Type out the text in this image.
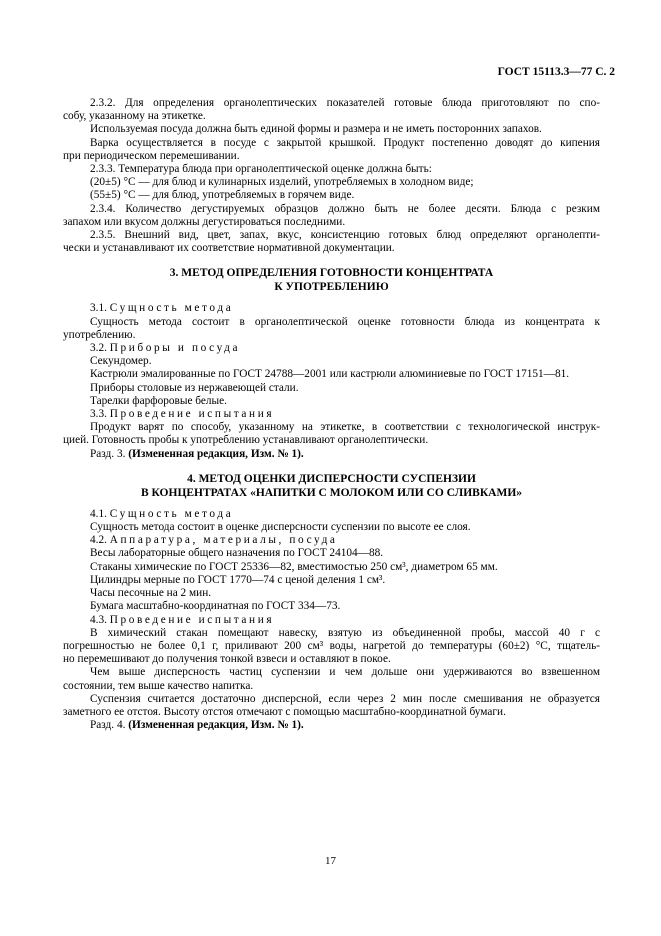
ГОСТ 15113.3—77 С. 2

2.3.2. Для определения органолептических показателей готовые блюда приготовляют по спо-

собу, указанному на этикетке.

Используемая посуда должна быть единой формы и размера и не иметь посторонних запахов.

Варка осуществляется в посуде с закрытой крышкой. Продукт постепенно доводят до кипения

при периодическом перемешивании.

2.3.3. Температура блюда при органолептической оценке должна быть:

(20±5) °С — для блюд и кулинарных изделий, употребляемых в холодном виде;

(55±5) °С — для блюд, употребляемых в горячем виде.

2.3.4. Количество дегустируемых образцов должно быть не более десяти. Блюда с резким

запахом или вкусом должны дегустироваться последними.

2.3.5. Внешний вид, цвет, запах, вкус, консистенцию готовых блюд определяют органолепти-

чески и устанавливают их соответствие нормативной документации.

3. МЕТОД ОПРЕДЕЛЕНИЯ ГОТОВНОСТИ КОНЦЕНТРАТА
К УПОТРЕБЛЕНИЮ

3.1. Сущность метода

Сущность метода состоит в органолептической оценке готовности блюда из концентрата к

употреблению.

3.2. Приборы и посуда

Секундомер.

Кастрюли эмалированные по ГОСТ 24788—2001 или кастрюли алюминиевые по ГОСТ 17151—81.

Приборы столовые из нержавеющей стали.

Тарелки фарфоровые белые.

3.3. Проведение испытания

Продукт варят по способу, указанному на этикетке, в соответствии с технологической инструк-

цией. Готовность пробы к употреблению устанавливают органолептически.

Разд. 3. (Измененная редакция, Изм. № 1).

4. МЕТОД ОЦЕНКИ ДИСПЕРСНОСТИ СУСПЕНЗИИ
В КОНЦЕНТРАТАХ «НАПИТКИ С МОЛОКОМ ИЛИ СО СЛИВКАМИ»

4.1. Сущность метода

Сущность метода состоит в оценке дисперсности суспензии по высоте ее слоя.

4.2. Аппаратура, материалы, посуда

Весы лабораторные общего назначения по ГОСТ 24104—88.

Стаканы химические по ГОСТ 25336—82, вместимостью 250 см³, диаметром 65 мм.

Цилиндры мерные по ГОСТ 1770—74 с ценой деления 1 см³.

Часы песочные на 2 мин.

Бумага масштабно-координатная по ГОСТ 334—73.

4.3. Проведение испытания

В химический стакан помещают навеску, взятую из объединенной пробы, массой 40 г с

погрешностью не более 0,1 г, приливают 200 см³ воды, нагретой до температуры (60±2) °С, тщатель-

но перемешивают до получения тонкой взвеси и оставляют в покое.

Чем выше дисперсность частиц суспензии и чем дольше они удерживаются во взвешенном

состоянии, тем выше качество напитка.

Суспензия считается достаточно дисперсной, если через 2 мин после смешивания не образуется

заметного ее отстоя. Высоту отстоя отмечают с помощью масштабно-координатной бумаги.

Разд. 4. (Измененная редакция, Изм. № 1).

17
